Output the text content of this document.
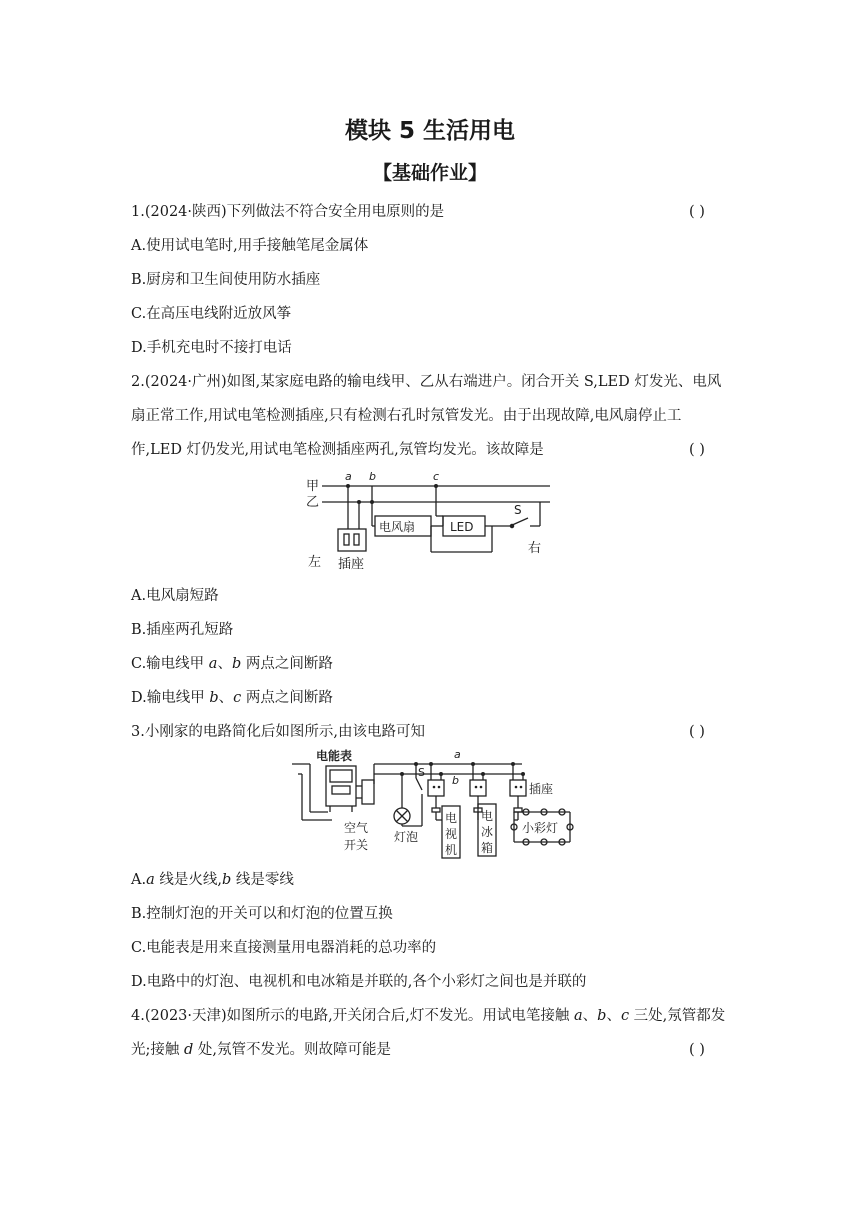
模块 5 生活用电
【基础作业】
1.(2024·陕西)下列做法不符合安全用电原则的是	( )
A.使用试电笔时,用手接触笔尾金属体
B.厨房和卫生间使用防水插座
C.在高压电线附近放风筝
D.手机充电时不接打电话
2.(2024·广州)如图,某家庭电路的输电线甲、乙从右端进户。闭合开关 S,LED 灯发光、电风
扇正常工作,用试电笔检测插座,只有检测右孔时氖管发光。由于出现故障,电风扇停止工
作,LED 灯仍发光,用试电笔检测插座两孔,氖管均发光。该故障是	( )
甲
乙
a b	c
电风扇	LED
S
左
右
插座
A.电风扇短路
B.插座两孔短路
C.输电线甲 a、b 两点之间断路
D.输电线甲 b、c 两点之间断路
3.小刚家的电路简化后如图所示,由该电路可知	( )
电能表
空气
开关
灯泡
S
a
b
电
视
机
电
冰
箱
插座
小彩灯
A.a 线是火线,b 线是零线
B.控制灯泡的开关可以和灯泡的位置互换
C.电能表是用来直接测量用电器消耗的总功率的
D.电路中的灯泡、电视机和电冰箱是并联的,各个小彩灯之间也是并联的
4.(2023·天津)如图所示的电路,开关闭合后,灯不发光。用试电笔接触 a、b、c 三处,氖管都发
光;接触 d 处,氖管不发光。则故障可能是	( )
